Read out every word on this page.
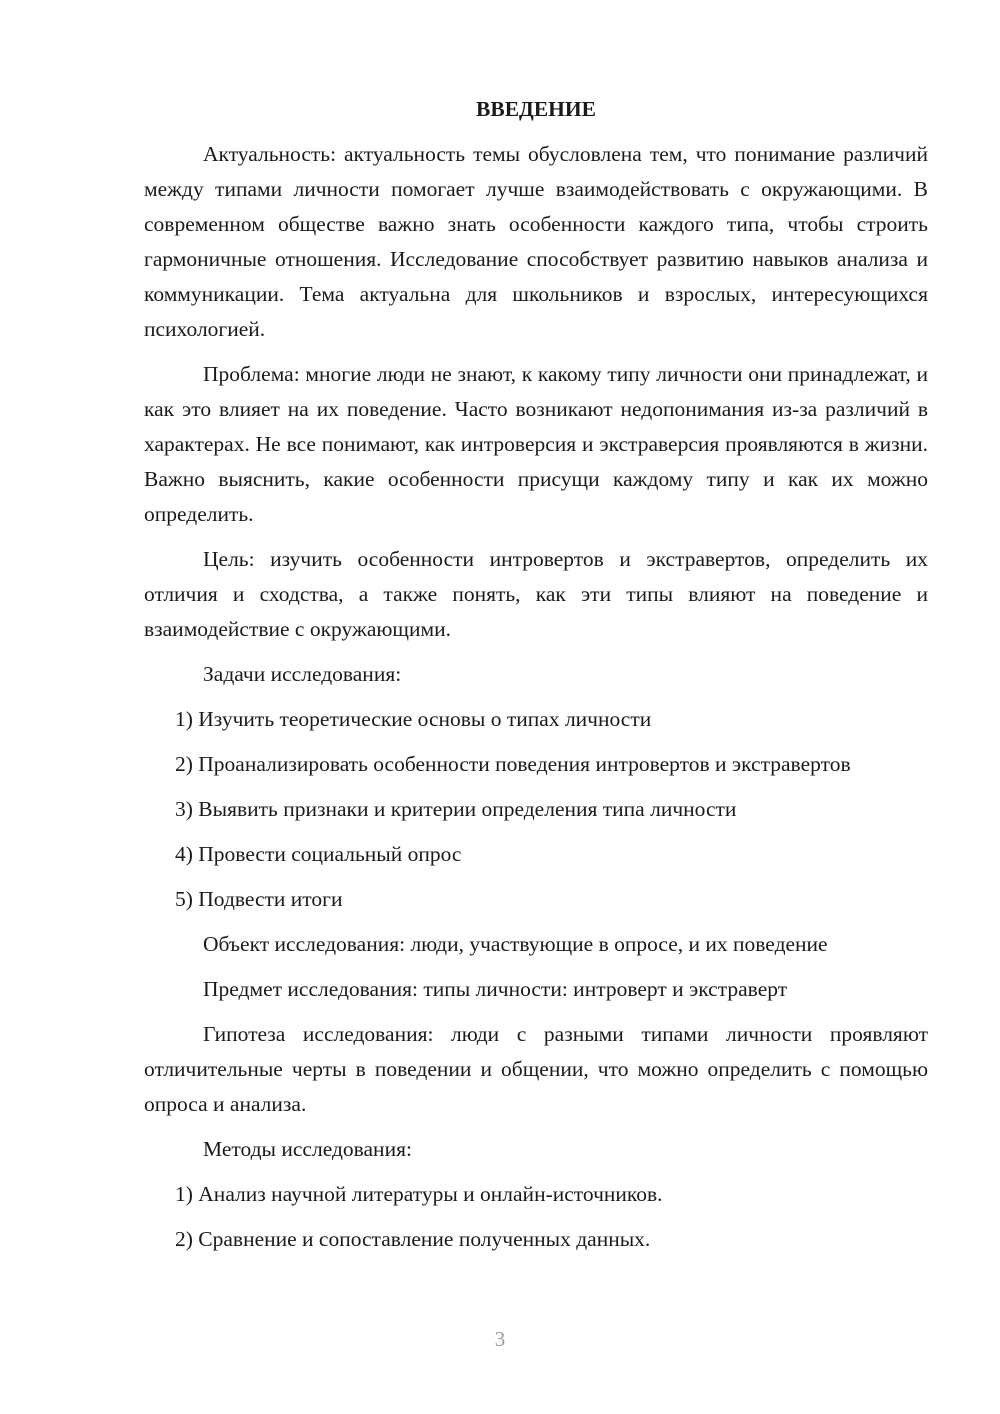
ВВЕДЕНИЕ

Актуальность: актуальность темы обусловлена тем, что понимание различий между типами личности помогает лучше взаимодействовать с окружающими. В современном обществе важно знать особенности каждого типа, чтобы строить гармоничные отношения. Исследование способствует развитию навыков анализа и коммуникации. Тема актуальна для школьников и взрослых, интересующихся психологией.

Проблема: многие люди не знают, к какому типу личности они принадлежат, и как это влияет на их поведение. Часто возникают недопонимания из-за различий в характерах. Не все понимают, как интроверсия и экстраверсия проявляются в жизни. Важно выяснить, какие особенности присущи каждому типу и как их можно определить.

Цель: изучить особенности интровертов и экстравертов, определить их отличия и сходства, а также понять, как эти типы влияют на поведение и взаимодействие с окружающими.

Задачи исследования:

1) Изучить теоретические основы о типах личности

2) Проанализировать особенности поведения интровертов и экстравертов

3) Выявить признаки и критерии определения типа личности

4) Провести социальный опрос

5) Подвести итоги

Объект исследования: люди, участвующие в опросе, и их поведение

Предмет исследования: типы личности: интроверт и экстраверт

Гипотеза исследования: люди с разными типами личности проявляют отличительные черты в поведении и общении, что можно определить с помощью опроса и анализа.

Методы исследования:

1) Анализ научной литературы и онлайн-источников.

2) Сравнение и сопоставление полученных данных.

3
